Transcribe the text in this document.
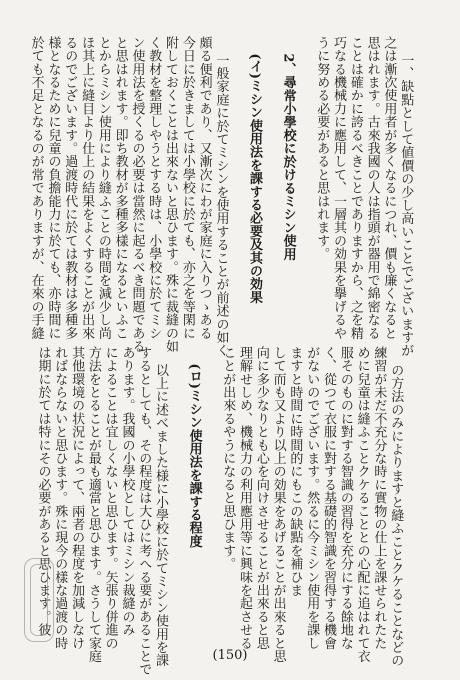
一、缺點として値價の少し高いことでございますが
之は漸次使用者が多くなるにつれ、價も廉くなると
思はれます。古來我國の人は指頭が器用で綿密なる
ことは確かに誇るべきことでありますから、之を精
巧なる機械力に應用して、一層其の効果を擧げるや
うに努める必要があると思はれます。

2、尋常小學校に於けるミシン使用

(イ)ミシン使用法を課する必要及其の効果

一般家庭に於てミシンを使用することが前述の如く
頗る便利であり、又漸次にわが家庭に入りつゝある
今日に於きましては小學校に於ても、亦之を等閑に
附しておくことは出來ないと思ひます。殊に裁縫の如
く教材を整理しやうとする時は、小學校に於てミシ
ン使用法を授くるの必要は當然に起るべき問題である
と思はれます。即ち教材が多種多樣になるといふこ
とからミシン使用により縫ふことの時間を減少し尚
ほ其上に縫目より仕上の結果をよくすることが出來
るのでございます。過渡時代に於ては教材は多種多
様となるために兒童の負擔能力に於ても、亦時間に
於ても不足となるのが常でありますが、在來の手縫

の方法のみによりますと縫ふことクケることなどの
練習が未だ不充分な時に實物の仕上を課せられたた
めに兒童は縫ふことクケることとの心配に追はれて衣
服そのものに對する智識の習得を充分にする餘地な
く、從つて衣服に對する基礎的智識を習得する機會
がないのでございます。然るに今ミシン使用を課し
ますと時間に時間的にもこの缺點を補ひま
して而も又より以上の効果をあげることが出來ると思
向に多少なりとも心を向けさせることが出來ると思
理解せしめ、機械力の利用應用等に興味を起させる
ことが出來るやうになると思ひます。

(ロ)ミシン使用法を課する程度

以上に述べました様に小學校に於てミシン使用を課
するとしても、その程度は大ひに考へる要があることで
あります。我國の小學校としてはミシン裁縫のみ
によることは宜しくないと思ひます。矢張り併進の
方法をとることが最も適當と思ひます。さうして家庭
其他環境の状況によって、兩者の程度を加減しなけ
ればならないと思ひます。殊に現今の樣な過渡の時
は期に於ては特にその必要があると思ひます。彼

(150)
